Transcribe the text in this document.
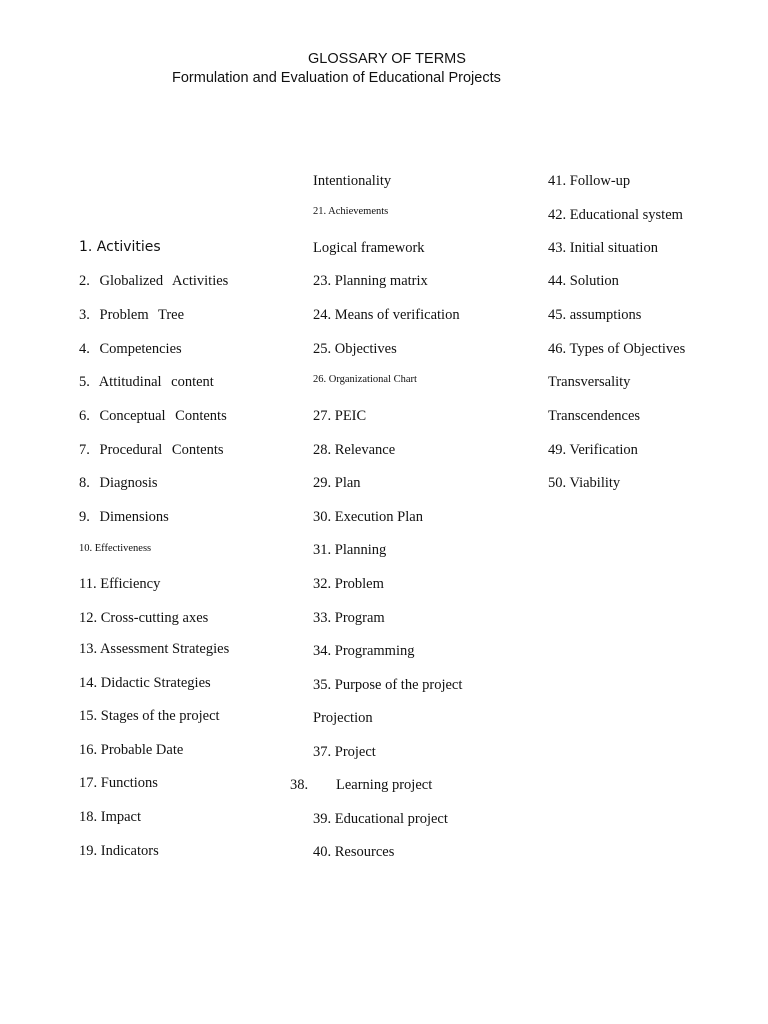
GLOSSARY OF TERMS
Formulation and Evaluation of Educational Projects
1. Activities
2. Globalized Activities
3. Problem Tree
4. Competencies
5. Attitudinal content
6. Conceptual Contents
7. Procedural Contents
8. Diagnosis
9. Dimensions
10. Effectiveness
11. Efficiency
12. Cross-cutting axes
13. Assessment Strategies
14. Didactic Strategies
15. Stages of the project
16. Probable Date
17. Functions
18. Impact
19. Indicators
Intentionality
21. Achievements
Logical framework
23. Planning matrix
24. Means of verification
25. Objectives
26. Organizational Chart
27. PEIC
28. Relevance
29. Plan
30. Execution Plan
31. Planning
32. Problem
33. Program
34. Programming
35. Purpose of the project
Projection
37. Project
38. Learning project
39. Educational project
40. Resources
41. Follow-up
42. Educational system
43. Initial situation
44. Solution
45. assumptions
46. Types of Objectives
Transversality
Transcendences
49. Verification
50. Viability
